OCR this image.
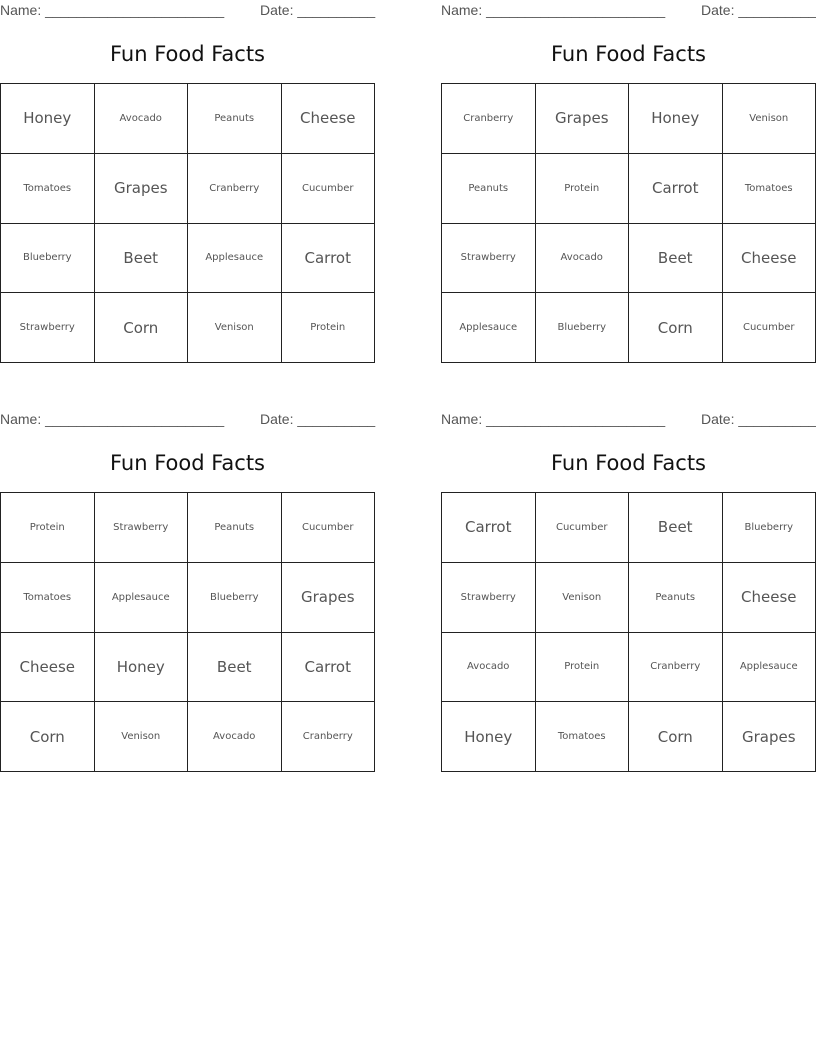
Name: _______________________	Date: __________
Fun Food Facts
Honey	Avocado	Peanuts	Cheese
Tomatoes	Grapes	Cranberry	Cucumber
Blueberry	Beet	Applesauce	Carrot
Strawberry	Corn	Venison	Protein
Name: _______________________	Date: __________
Fun Food Facts
Cranberry	Grapes	Honey	Venison
Peanuts	Protein	Carrot	Tomatoes
Strawberry	Avocado	Beet	Cheese
Applesauce	Blueberry	Corn	Cucumber
Name: _______________________	Date: __________
Fun Food Facts
Protein	Strawberry	Peanuts	Cucumber
Tomatoes	Applesauce	Blueberry	Grapes
Cheese	Honey	Beet	Carrot
Corn	Venison	Avocado	Cranberry
Name: _______________________	Date: __________
Fun Food Facts
Carrot	Cucumber	Beet	Blueberry
Strawberry	Venison	Peanuts	Cheese
Avocado	Protein	Cranberry	Applesauce
Honey	Tomatoes	Corn	Grapes
